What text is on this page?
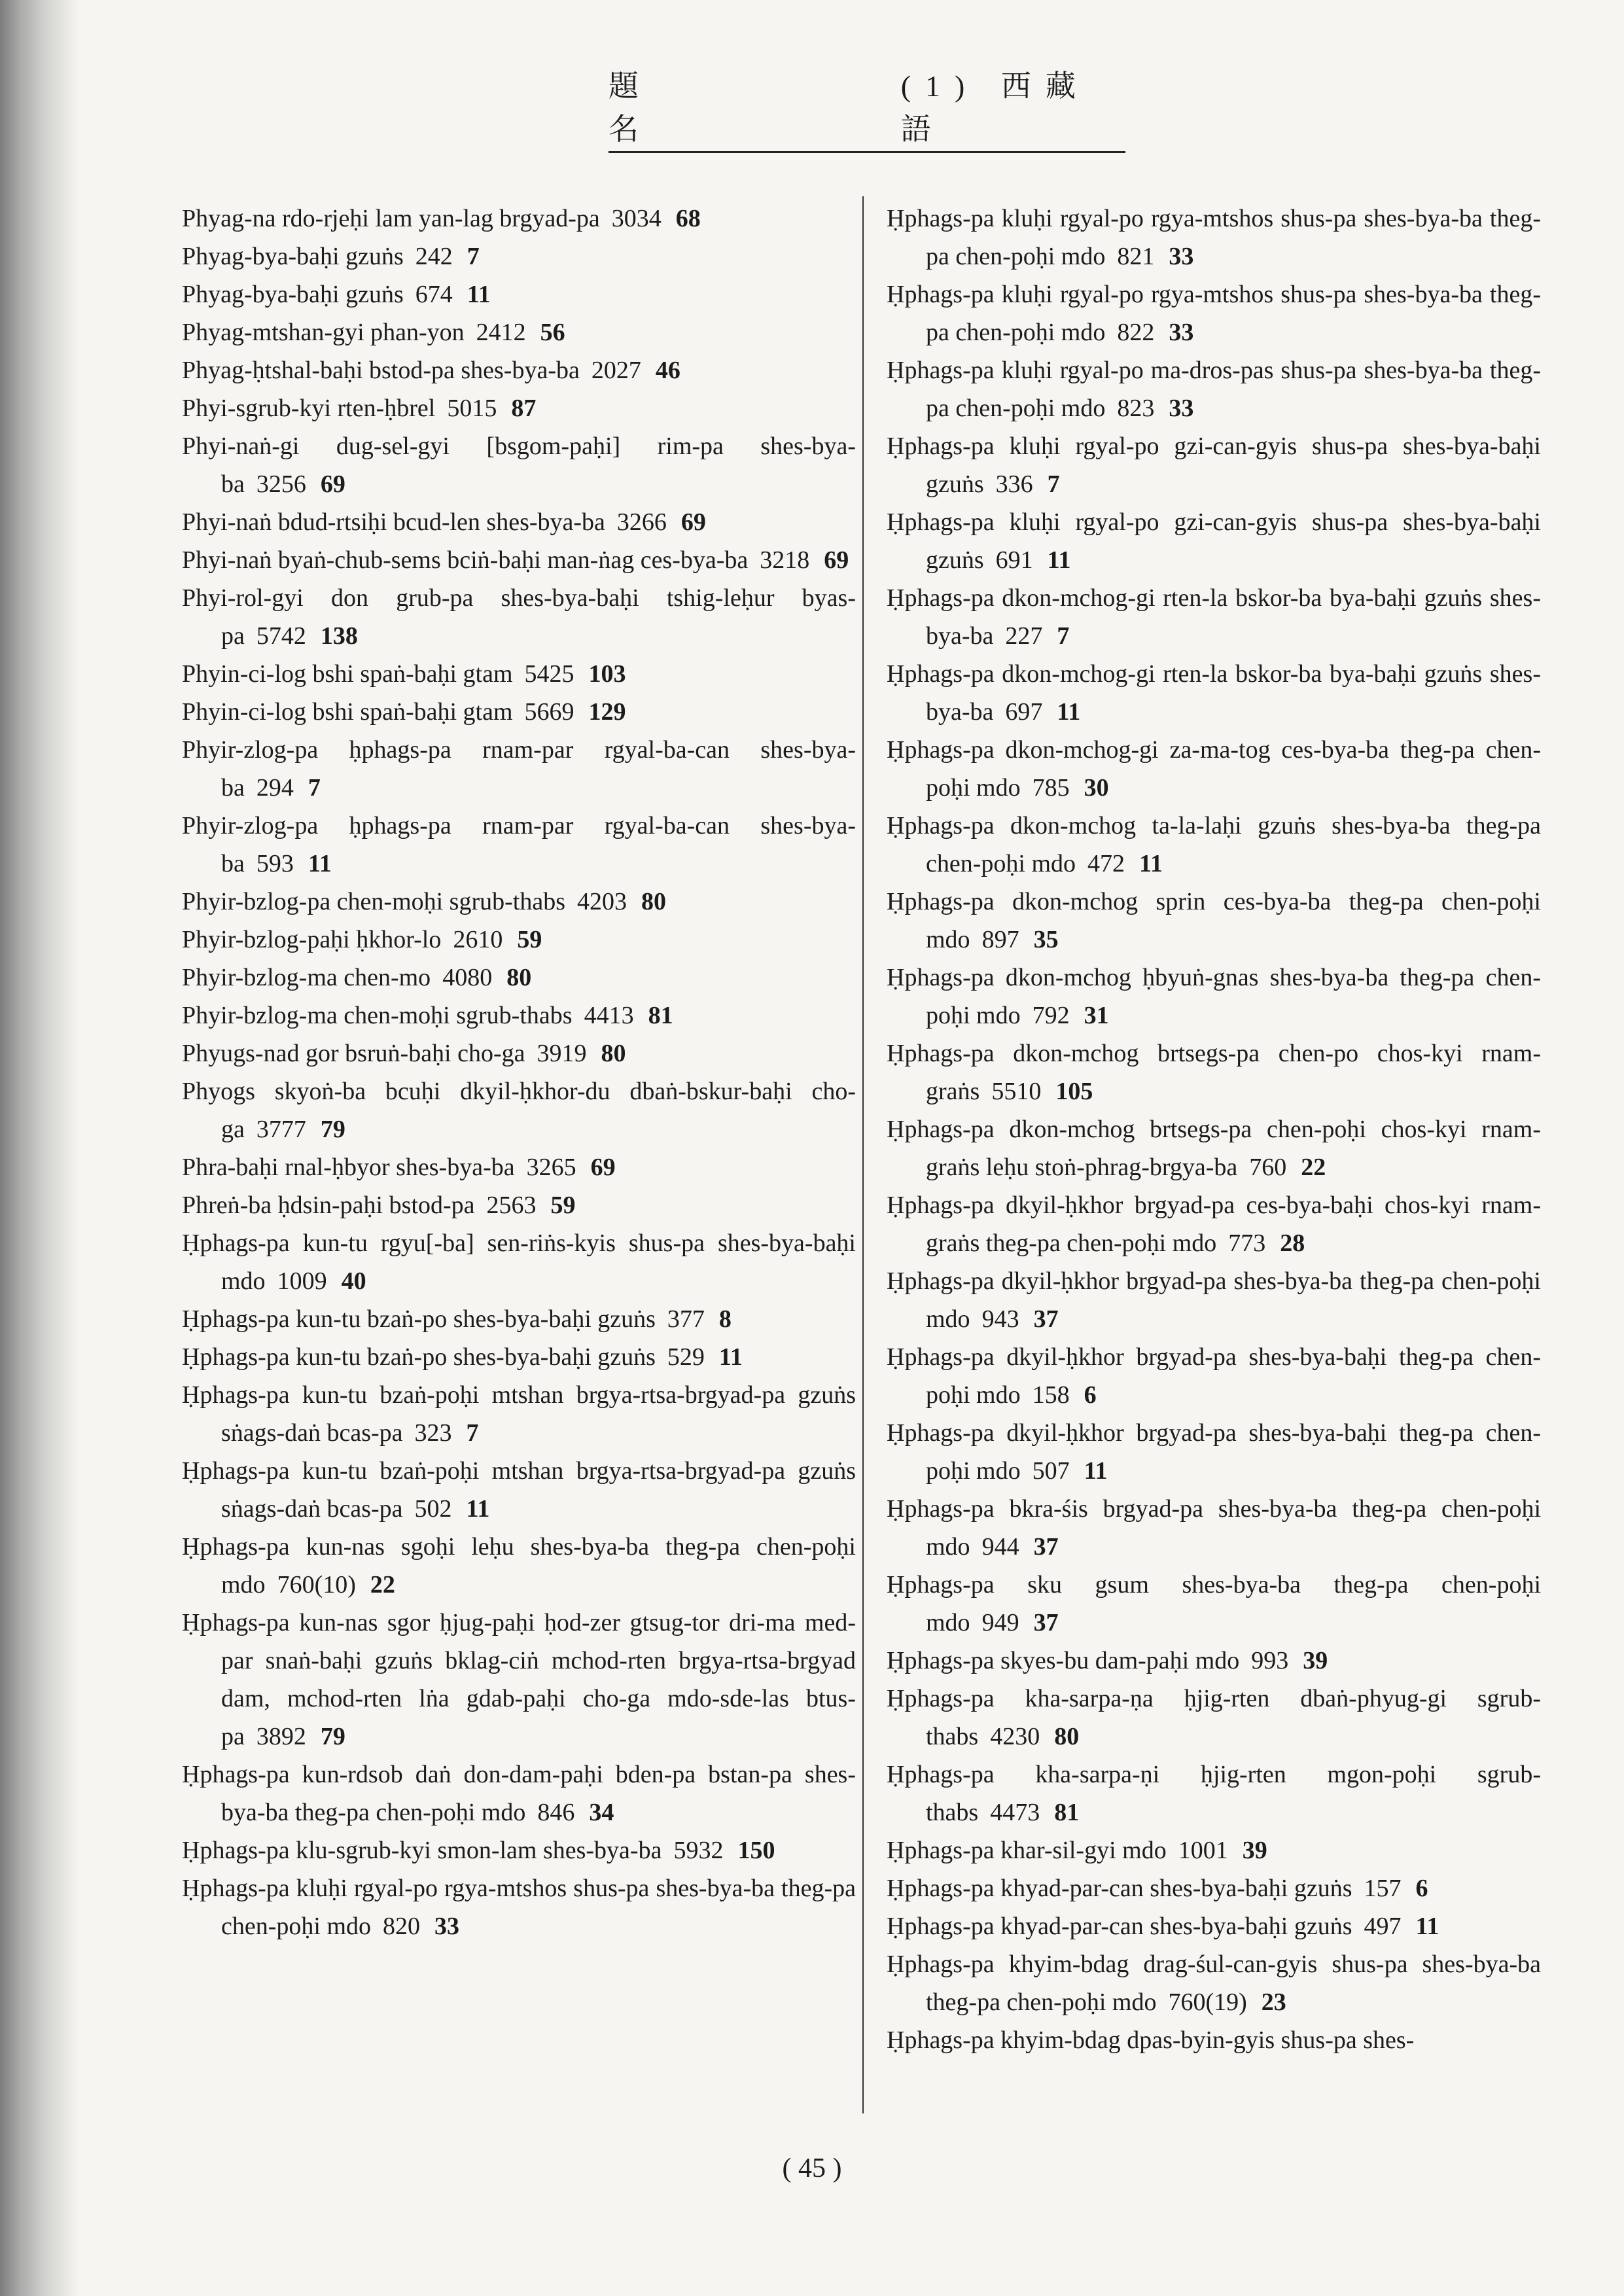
題 名
(1) 西藏語
Phyag-na rdo-rjeḥi lam yan-lag brgyad-pa 3034 68
Phyag-bya-baḥi gzuṅs 242 7
Phyag-bya-baḥi gzuṅs 674 11
Phyag-mtshan-gyi phan-yon 2412 56
Phyag-ḥtshal-baḥi bstod-pa shes-bya-ba 2027 46
Phyi-sgrub-kyi rten-ḥbrel 5015 87
Phyi-naṅ-gi dug-sel-gyi [bsgom-paḥi] rim-pa shes-bya-ba 3256 69
Phyi-naṅ bdud-rtsiḥi bcud-len shes-bya-ba 3266 69
Phyi-naṅ byaṅ-chub-sems bciṅ-baḥi man-ṅag ces-bya-ba 3218 69
Phyi-rol-gyi don grub-pa shes-bya-baḥi tshig-leḥur byas-pa 5742 138
Phyin-ci-log bshi spaṅ-baḥi gtam 5425 103
Phyin-ci-log bshi spaṅ-baḥi gtam 5669 129
Phyir-zlog-pa ḥphags-pa rnam-par rgyal-ba-can shes-bya-ba 294 7
Phyir-zlog-pa ḥphags-pa rnam-par rgyal-ba-can shes-bya-ba 593 11
Phyir-bzlog-pa chen-moḥi sgrub-thabs 4203 80
Phyir-bzlog-paḥi ḥkhor-lo 2610 59
Phyir-bzlog-ma chen-mo 4080 80
Phyir-bzlog-ma chen-moḥi sgrub-thabs 4413 81
Phyugs-nad gor bsruṅ-baḥi cho-ga 3919 80
Phyogs skyoṅ-ba bcuḥi dkyil-ḥkhor-du dbaṅ-bskur-baḥi cho-ga 3777 79
Phra-baḥi rnal-ḥbyor shes-bya-ba 3265 69
Phreṅ-ba ḥdsin-paḥi bstod-pa 2563 59
Ḥphags-pa kun-tu rgyu[-ba] sen-riṅs-kyis shus-pa shes-bya-baḥi mdo 1009 40
Ḥphags-pa kun-tu bzaṅ-po shes-bya-baḥi gzuṅs 377 8
Ḥphags-pa kun-tu bzaṅ-po shes-bya-baḥi gzuṅs 529 11
Ḥphags-pa kun-tu bzaṅ-poḥi mtshan brgya-rtsa-brgyad-pa gzuṅs sṅags-daṅ bcas-pa 323 7
Ḥphags-pa kun-tu bzaṅ-poḥi mtshan brgya-rtsa-brgyad-pa gzuṅs sṅags-daṅ bcas-pa 502 11
Ḥphags-pa kun-nas sgoḥi leḥu shes-bya-ba theg-pa chen-poḥi mdo 760(10) 22
Ḥphags-pa kun-nas sgor ḥjug-paḥi ḥod-zer gtsug-tor dri-ma med-par snaṅ-baḥi gzuṅs bklag-ciṅ mchod-rten brgya-rtsa-brgyad dam, mchod-rten lṅa gdab-paḥi cho-ga mdo-sde-las btus-pa 3892 79
Ḥphags-pa kun-rdsob daṅ don-dam-paḥi bden-pa bstan-pa shes-bya-ba theg-pa chen-poḥi mdo 846 34
Ḥphags-pa klu-sgrub-kyi smon-lam shes-bya-ba 5932 150
Ḥphags-pa kluḥi rgyal-po rgya-mtshos shus-pa shes-bya-ba theg-pa chen-poḥi mdo 820 33
Ḥphags-pa kluḥi rgyal-po rgya-mtshos shus-pa shes-bya-ba theg-pa chen-poḥi mdo 821 33
Ḥphags-pa kluḥi rgyal-po rgya-mtshos shus-pa shes-bya-ba theg-pa chen-poḥi mdo 822 33
Ḥphags-pa kluḥi rgyal-po ma-dros-pas shus-pa shes-bya-ba theg-pa chen-poḥi mdo 823 33
Ḥphags-pa kluḥi rgyal-po gzi-can-gyis shus-pa shes-bya-baḥi gzuṅs 336 7
Ḥphags-pa kluḥi rgyal-po gzi-can-gyis shus-pa shes-bya-baḥi gzuṅs 691 11
Ḥphags-pa dkon-mchog-gi rten-la bskor-ba bya-baḥi gzuṅs shes-bya-ba 227 7
Ḥphags-pa dkon-mchog-gi rten-la bskor-ba bya-baḥi gzuṅs shes-bya-ba 697 11
Ḥphags-pa dkon-mchog-gi za-ma-tog ces-bya-ba theg-pa chen-poḥi mdo 785 30
Ḥphags-pa dkon-mchog ta-la-laḥi gzuṅs shes-bya-ba theg-pa chen-poḥi mdo 472 11
Ḥphags-pa dkon-mchog sprin ces-bya-ba theg-pa chen-poḥi mdo 897 35
Ḥphags-pa dkon-mchog ḥbyuṅ-gnas shes-bya-ba theg-pa chen-poḥi mdo 792 31
Ḥphags-pa dkon-mchog brtsegs-pa chen-po chos-kyi rnam-graṅs 5510 105
Ḥphags-pa dkon-mchog brtsegs-pa chen-poḥi chos-kyi rnam-graṅs leḥu stoṅ-phrag-brgya-ba 760 22
Ḥphags-pa dkyil-ḥkhor brgyad-pa ces-bya-baḥi chos-kyi rnam-graṅs theg-pa chen-poḥi mdo 773 28
Ḥphags-pa dkyil-ḥkhor brgyad-pa shes-bya-ba theg-pa chen-poḥi mdo 943 37
Ḥphags-pa dkyil-ḥkhor brgyad-pa shes-bya-baḥi theg-pa chen-poḥi mdo 158 6
Ḥphags-pa dkyil-ḥkhor brgyad-pa shes-bya-baḥi theg-pa chen-poḥi mdo 507 11
Ḥphags-pa bkra-śis brgyad-pa shes-bya-ba theg-pa chen-poḥi mdo 944 37
Ḥphags-pa sku gsum shes-bya-ba theg-pa chen-poḥi mdo 949 37
Ḥphags-pa skyes-bu dam-paḥi mdo 993 39
Ḥphags-pa kha-sarpa-ṇa ḥjig-rten dbaṅ-phyug-gi sgrub-thabs 4230 80
Ḥphags-pa kha-sarpa-ṇi ḥjig-rten mgon-poḥi sgrub-thabs 4473 81
Ḥphags-pa khar-sil-gyi mdo 1001 39
Ḥphags-pa khyad-par-can shes-bya-baḥi gzuṅs 157 6
Ḥphags-pa khyad-par-can shes-bya-baḥi gzuṅs 497 11
Ḥphags-pa khyim-bdag drag-śul-can-gyis shus-pa shes-bya-ba theg-pa chen-poḥi mdo 760(19) 23
Ḥphags-pa khyim-bdag dpas-byin-gyis shus-pa shes-
( 45 )
